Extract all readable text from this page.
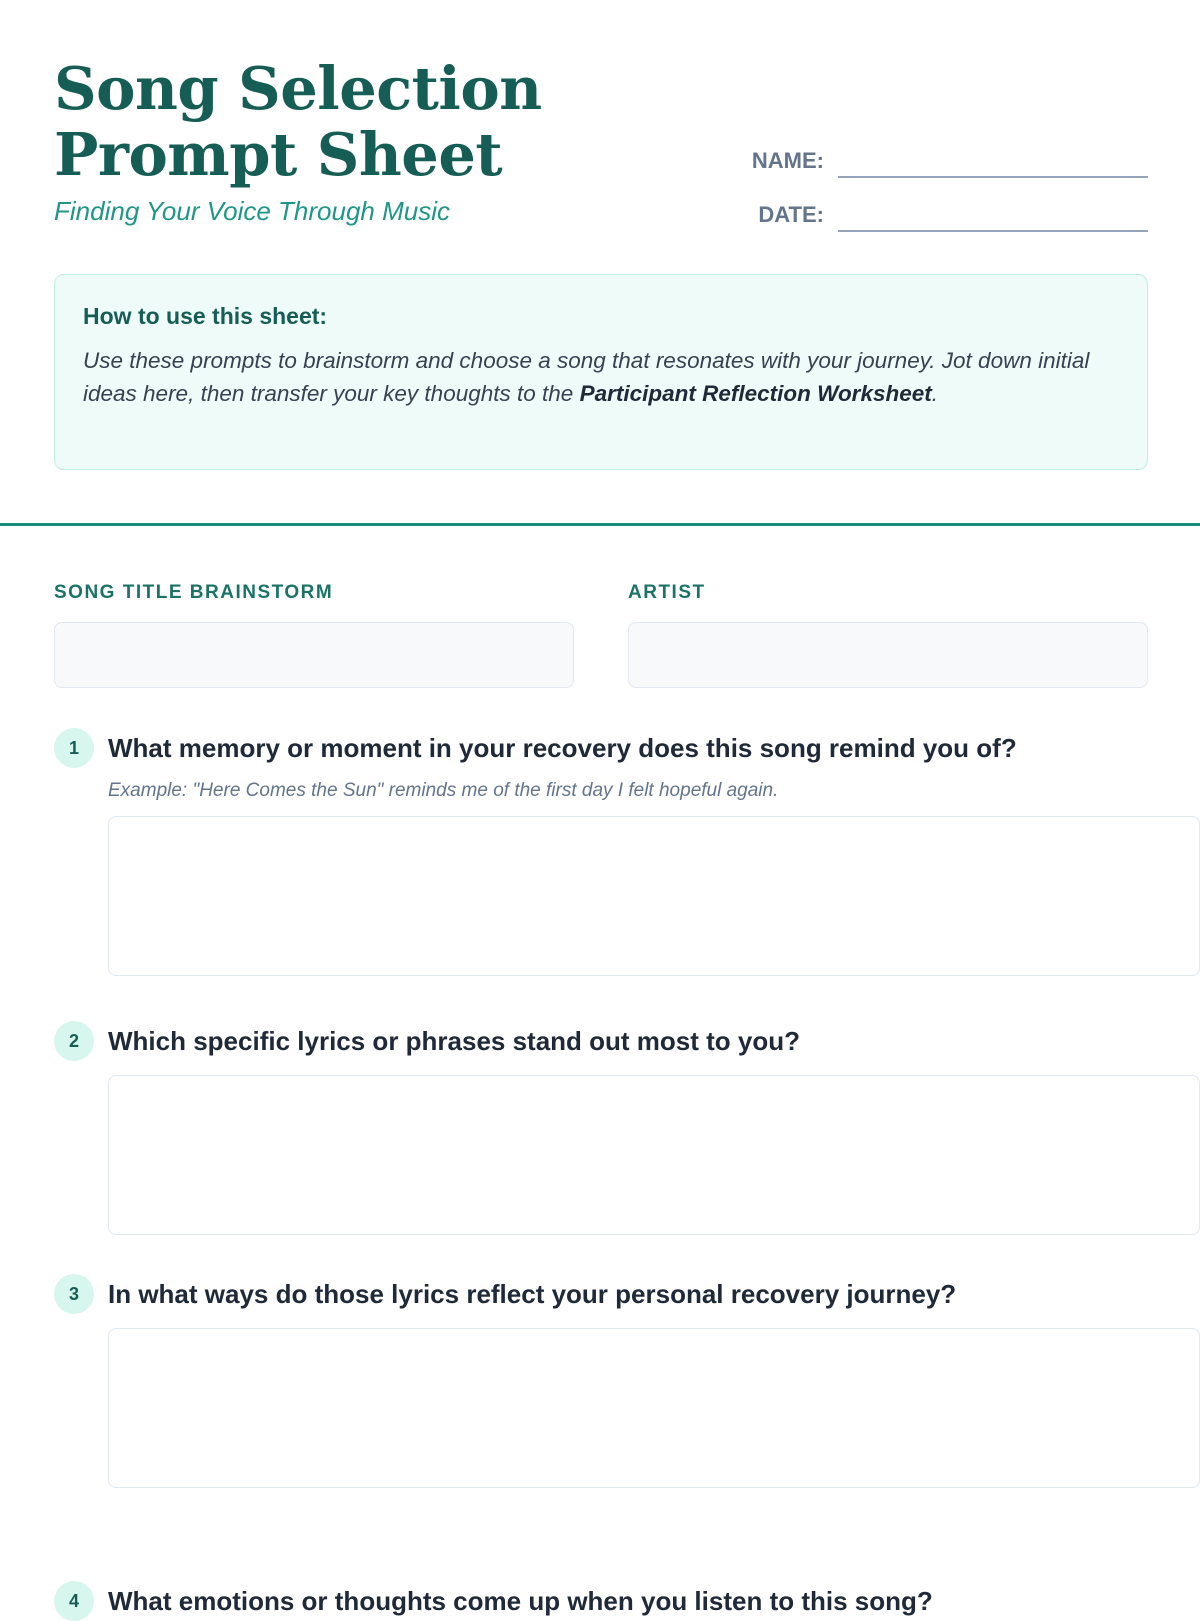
Song Selection Prompt Sheet
Finding Your Voice Through Music
NAME:
DATE:
How to use this sheet:

Use these prompts to brainstorm and choose a song that resonates with your journey. Jot down initial ideas here, then transfer your key thoughts to the Participant Reflection Worksheet.

SONG TITLE BRAINSTORM	ARTIST
1	What memory or moment in your recovery does this song remind you of?
Example: "Here Comes the Sun" reminds me of the first day I felt hopeful again.
2	Which specific lyrics or phrases stand out most to you?
3	In what ways do those lyrics reflect your personal recovery journey?
4	What emotions or thoughts come up when you listen to this song?
